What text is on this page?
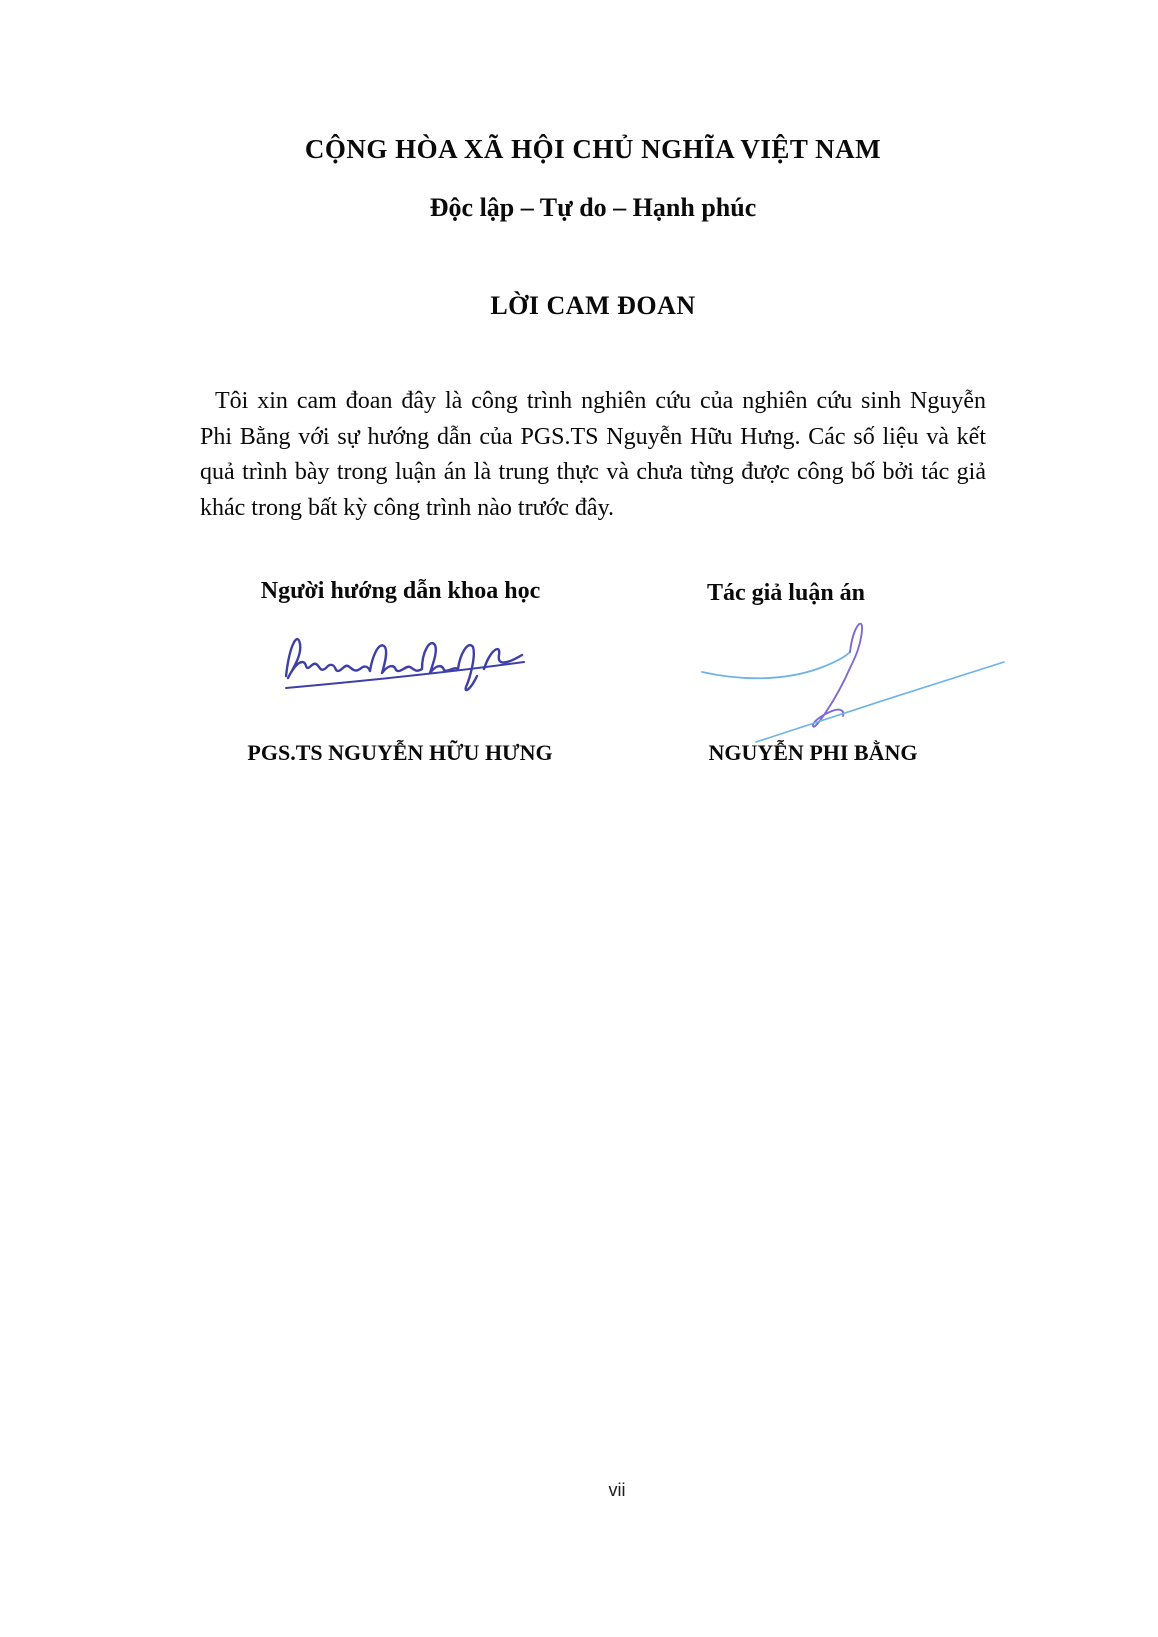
CỘNG HÒA XÃ HỘI CHỦ NGHĨA VIỆT NAM
Độc lập – Tự do – Hạnh phúc
LỜI CAM ĐOAN
Tôi xin cam đoan đây là công trình nghiên cứu của nghiên cứu sinh Nguyễn
Phi Bằng với sự hướng dẫn của PGS.TS Nguyễn Hữu Hưng. Các số liệu và kết
quả trình bày trong luận án là trung thực và chưa từng được công bố bởi tác giả
khác trong bất kỳ công trình nào trước đây.
Người hướng dẫn khoa học	Tác giả luận án
PGS.TS NGUYỄN HỮU HƯNG	NGUYỄN PHI BẰNG
vii
